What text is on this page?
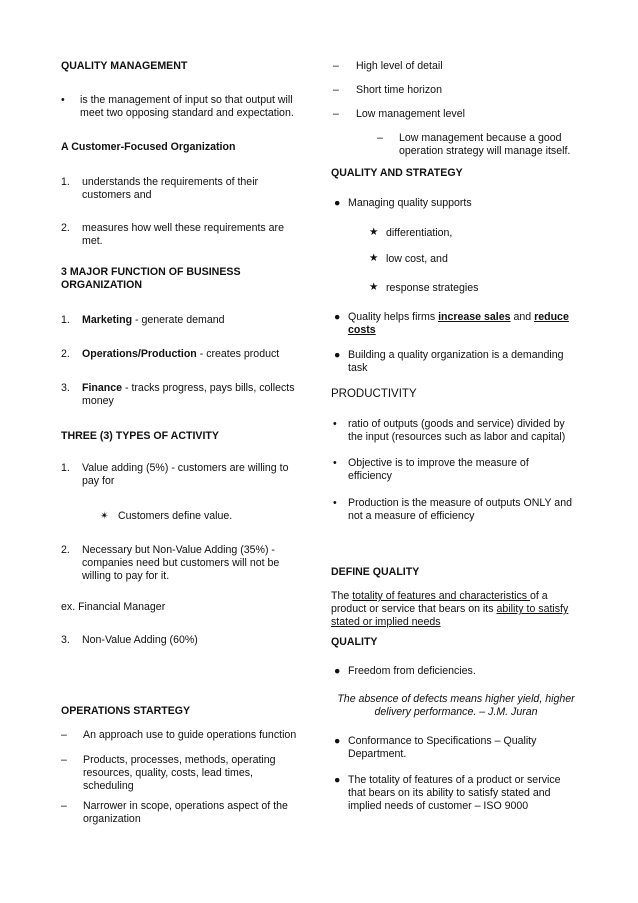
QUALITY MANAGEMENT
• is the management of input so that output will meet two opposing standard and expectation.
A Customer-Focused Organization
1. understands the requirements of their customers and
2. measures how well these requirements are met.
3 MAJOR FUNCTION OF BUSINESS ORGANIZATION
1. Marketing - generate demand
2. Operations/Production - creates product
3. Finance - tracks progress, pays bills, collects money
THREE (3) TYPES OF ACTIVITY
1. Value adding (5%) - customers are willing to pay for
✴ Customers define value.
2. Necessary but Non-Value Adding (35%) - companies need but customers will not be willing to pay for it.
ex. Financial Manager
3. Non-Value Adding (60%)
OPERATIONS STARTEGY
– An approach use to guide operations function
– Products, processes, methods, operating resources, quality, costs, lead times, scheduling
– Narrower in scope, operations aspect of the organization
– High level of detail
– Short time horizon
– Low management level
– Low management because a good operation strategy will manage itself.
QUALITY AND STRATEGY
● Managing quality supports
★ differentiation,
★ low cost, and
★ response strategies
● Quality helps firms increase sales and reduce costs
● Building a quality organization is a demanding task
PRODUCTIVITY
• ratio of outputs (goods and service) divided by the input (resources such as labor and capital)
• Objective is to improve the measure of efficiency
• Production is the measure of outputs ONLY and not a measure of efficiency
DEFINE QUALITY
The totality of features and characteristics of a product or service that bears on its ability to satisfy stated or implied needs
QUALITY
● Freedom from deficiencies.
The absence of defects means higher yield, higher delivery performance. – J.M. Juran
● Conformance to Specifications – Quality Department.
● The totality of features of a product or service that bears on its ability to satisfy stated and implied needs of customer – ISO 9000
